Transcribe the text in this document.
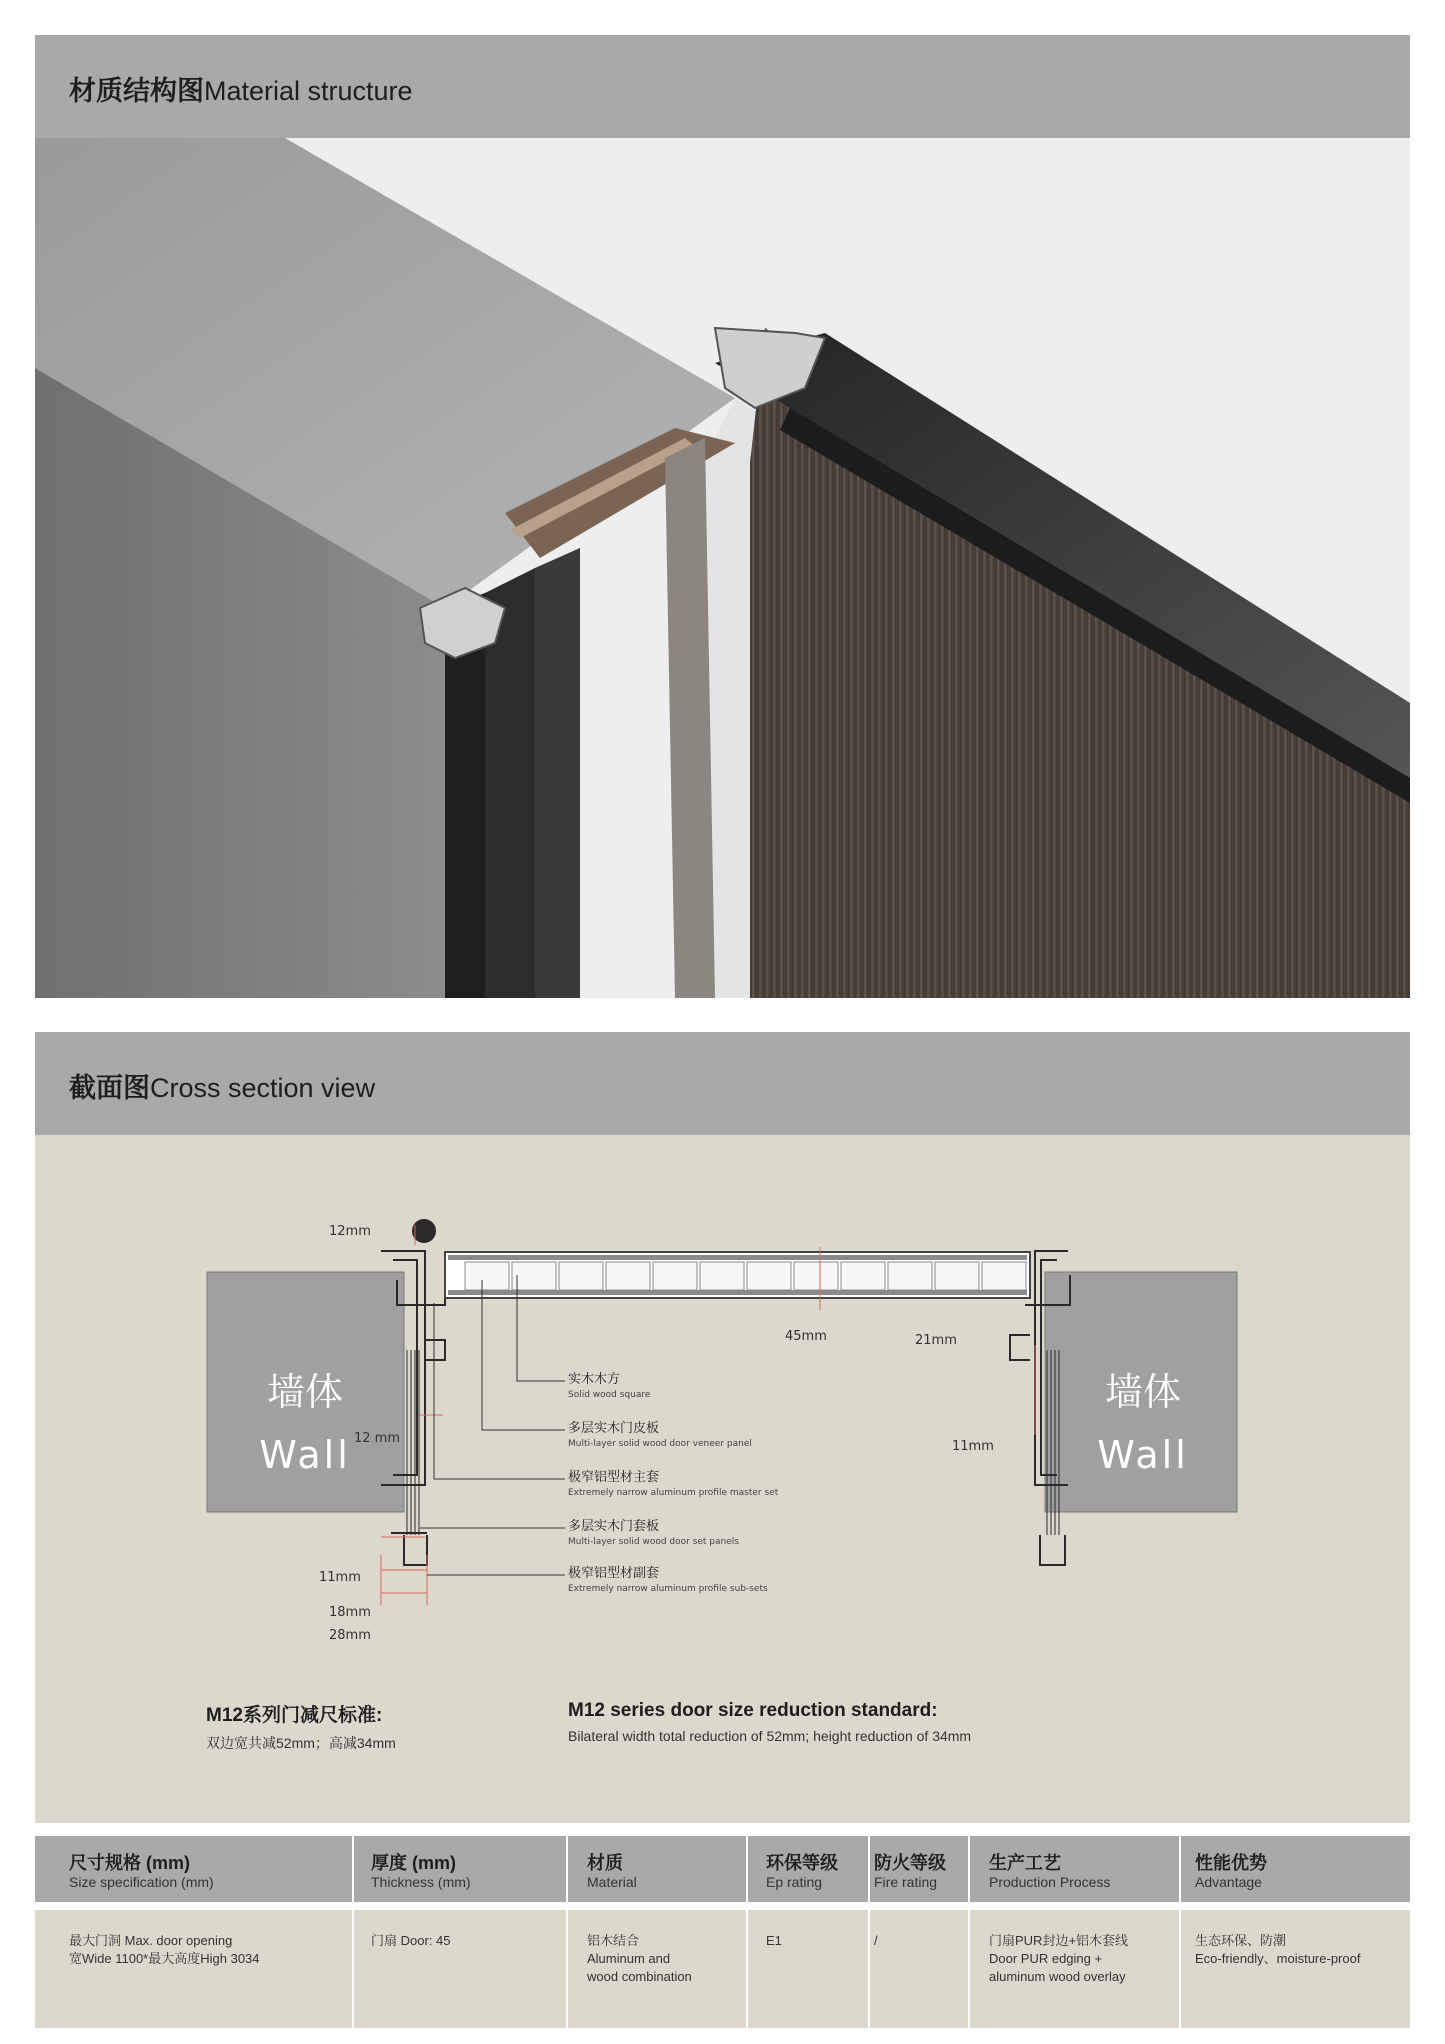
材质结构图Material structure
截面图Cross section view
墙体
Wall
墙体
Wall
12mm
12 mm
45mm	21mm
11mm
11mm
18mm
28mm
实木木方
Solid wood square
多层实木门皮板
Multi-layer solid wood door veneer panel
极窄铝型材主套
Extremely narrow aluminum profile master set
多层实木门套板
Multi-layer solid wood door set panels
极窄铝型材副套
Extremely narrow aluminum profile sub-sets
M12系列门减尺标准:
双边宽共减52mm；高减34mm
M12 series door size reduction standard:
Bilateral width total reduction of 52mm; height reduction of 34mm
尺寸规格 (mm)
Size specification (mm)
最大门洞 Max. door opening
宽Wide 1100*最大高度High 3034
厚度 (mm)
Thickness (mm)
门扇 Door: 45
材质
Material
铝木结合
Aluminum and
wood combination
环保等级
Ep rating
E1
防火等级
Fire rating
/
生产工艺
Production Process
门扇PUR封边+铝木套线
Door PUR edging +
aluminum wood overlay
性能优势
Advantage
生态环保、防潮
Eco-friendly、moisture-proof
